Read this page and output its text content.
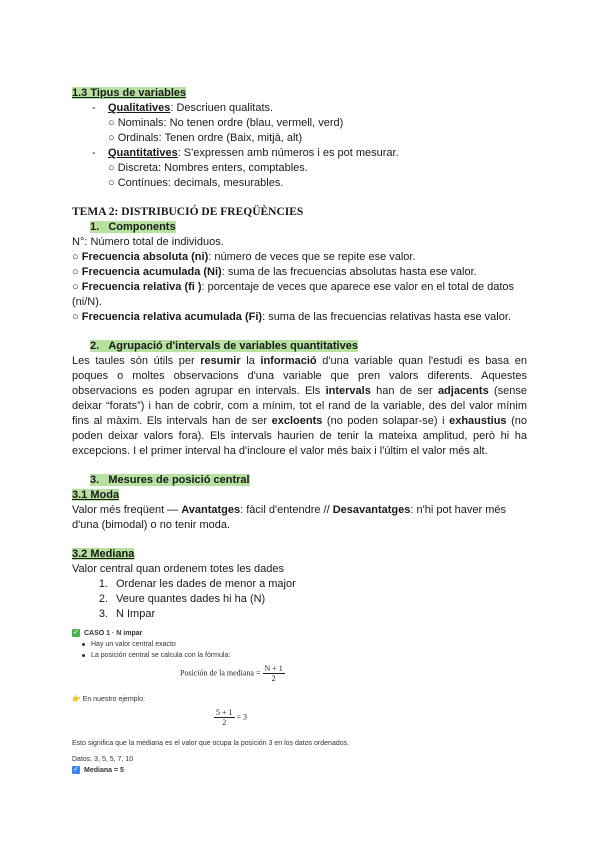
1.3 Tipus de variables
- Qualitatives: Descriuen qualitats.
○ Nominals: No tenen ordre (blau, vermell, verd)
○ Ordinals: Tenen ordre (Baix, mitjà, alt)
- Quantitatives: S'expressen amb números i es pot mesurar.
○ Discreta: Nombres enters, comptables.
○ Contínues: decimals, mesurables.
TEMA 2: DISTRIBUCIÓ DE FREQÜÈNCIES
1. Components
N°: Número total de individuos.
○ Frecuencia absoluta (ni): número de veces que se repite ese valor.
○ Frecuencia acumulada (Ni): suma de las frecuencias absolutas hasta ese valor.
○ Frecuencia relativa (fi ): porcentaje de veces que aparece ese valor en el total de datos
(ni/N).
○ Frecuencia relativa acumulada (Fi): suma de las frecuencias relativas hasta ese valor.
2. Agrupació d'intervals de variables quantitatives
Les taules són útils per resumir la informació d'una variable quan l'estudi es basa en poques o moltes observacions d'una variable que pren valors diferents. Aquestes observacions es poden agrupar en intervals. Els intervals han de ser adjacents (sense deixar “forats”) i han de cobrir, com a mínim, tot el rand de la variable, des del valor mínim fins al màxim. Els intervals han de ser excloents (no poden solapar-se) i exhaustius (no poden deixar valors fora). Els intervals haurien de tenir la mateixa amplitud, però hi ha excepcions. I el primer interval ha d'incloure el valor més baix i l'últim el valor més alt.
3. Mesures de posició central
3.1 Moda
Valor més freqüent — Avantatges: fàcil d'entendre // Desavantatges: n'hi pot haver més
d'una (bimodal) o no tenir moda.
3.2 Mediana
Valor central quan ordenem totes les dades
1. Ordenar les dades de menor a major
2. Veure quantes dades hi ha (N)
3. N Impar
✓ CASO 1 · N impar
Hay un valor central exacto
La posición central se calcula con la fórmula:
Posición de la mediana = $\frac{N + 1}{2}$
👉 En nuestro ejemplo:
$\frac{5 + 1}{2} = 3$
Esto significa que la mediana es el valor que ocupa la posición 3 en los datos ordenados.
Datos: 3, 5, 5, 7, 10
✓ Mediana = 5
